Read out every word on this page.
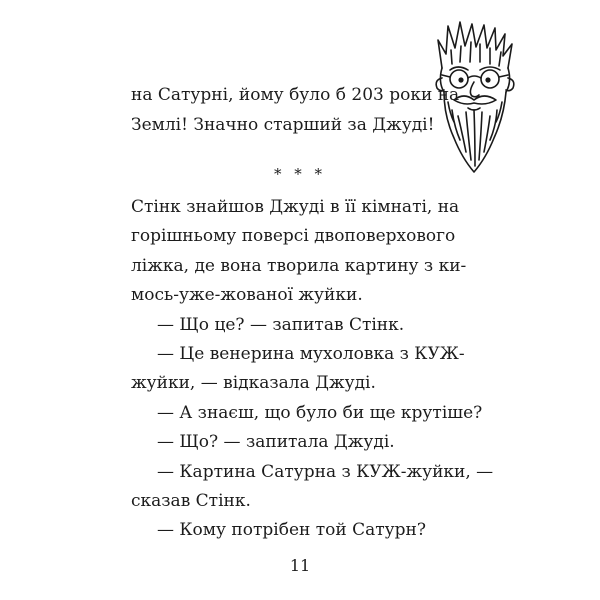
на Сатурні, йому було б 203 роки на
Землі! Значно старший за Джуді!
* * *
Стінк знайшов Джуді в її кімнаті, на
горішньому поверсі двоповерхового
ліжка, де вона творила картину з ки-
мось-уже-жованої жуйки.
— Що це? — запитав Стінк.
— Це венерина мухоловка з КУЖ-
жуйки, — відказала Джуді.
— А знаєш, що було би ще крутіше?
— Що? — запитала Джуді.
— Картина Сатурна з КУЖ-жуйки, —
сказав Стінк.
— Кому потрібен той Сатурн?
11
